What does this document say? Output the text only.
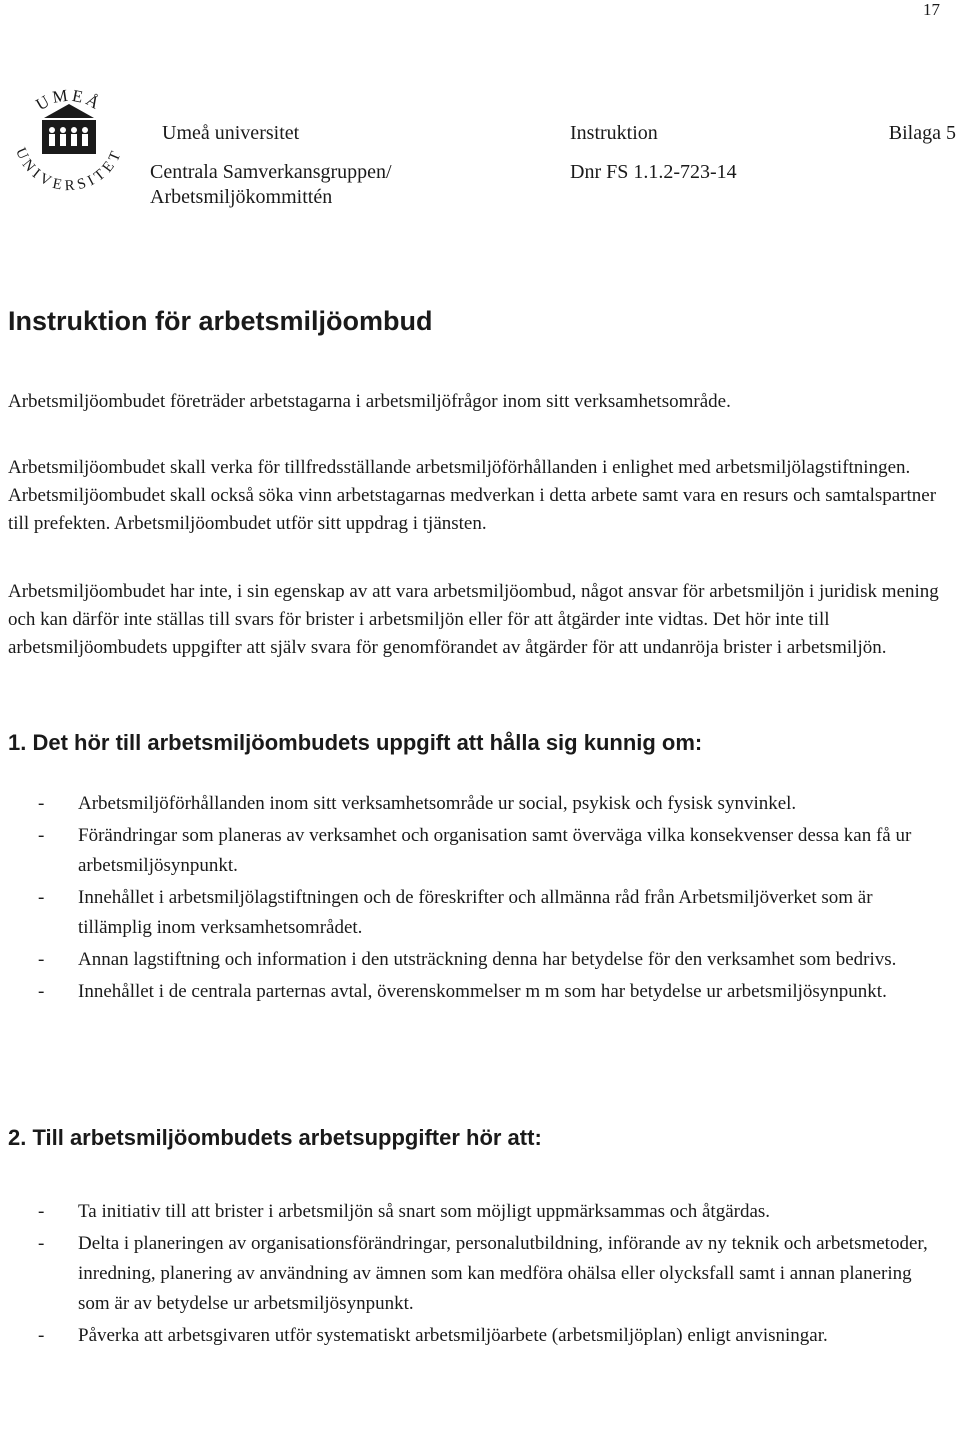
17
UMEÅ
UNIVERSITET
Umeå universitet
Centrala Samverkansgruppen/
Arbetsmiljökommittén
Instruktion
Dnr FS 1.1.2-723-14
Bilaga 5
Instruktion för arbetsmiljöombud

Arbetsmiljöombudet företräder arbetstagarna i arbetsmiljöfrågor inom sitt verksamhetsområde.

Arbetsmiljöombudet skall verka för tillfredsställande arbetsmiljöförhållanden i enlighet med arbetsmiljölagstiftningen. Arbetsmiljöombudet skall också söka vinn arbetstagarnas medverkan i detta arbete samt vara en resurs och samtalspartner till prefekten. Arbetsmiljöombudet utför sitt uppdrag i tjänsten.

Arbetsmiljöombudet har inte, i sin egenskap av att vara arbetsmiljöombud, något ansvar för arbetsmiljön i juridisk mening och kan därför inte ställas till svars för brister i arbetsmiljön eller för att åtgärder inte vidtas. Det hör inte till arbetsmiljöombudets uppgifter att själv svara för genomförandet av åtgärder för att undanröja brister i arbetsmiljön.

1. Det hör till arbetsmiljöombudets uppgift att hålla sig kunnig om:
- Arbetsmiljöförhållanden inom sitt verksamhetsområde ur social, psykisk och fysisk synvinkel.
- Förändringar som planeras av verksamhet och organisation samt överväga vilka konsekvenser dessa kan få ur arbetsmiljösynpunkt.
- Innehållet i arbetsmiljölagstiftningen och de föreskrifter och allmänna råd från Arbetsmiljöverket som är tillämplig inom verksamhetsområdet.
- Annan lagstiftning och information i den utsträckning denna har betydelse för den verksamhet som bedrivs.
- Innehållet i de centrala parternas avtal, överenskommelser m m som har betydelse ur arbetsmiljösynpunkt.
2. Till arbetsmiljöombudets arbetsuppgifter hör att:
- Ta initiativ till att brister i arbetsmiljön så snart som möjligt uppmärksammas och åtgärdas.
- Delta i planeringen av organisationsförändringar, personalutbildning, införande av ny teknik och arbetsmetoder, inredning, planering av användning av ämnen som kan medföra ohälsa eller olycksfall samt i annan planering som är av betydelse ur arbetsmiljösynpunkt.
- Påverka att arbetsgivaren utför systematiskt arbetsmiljöarbete (arbetsmiljöplan) enligt anvisningar.
